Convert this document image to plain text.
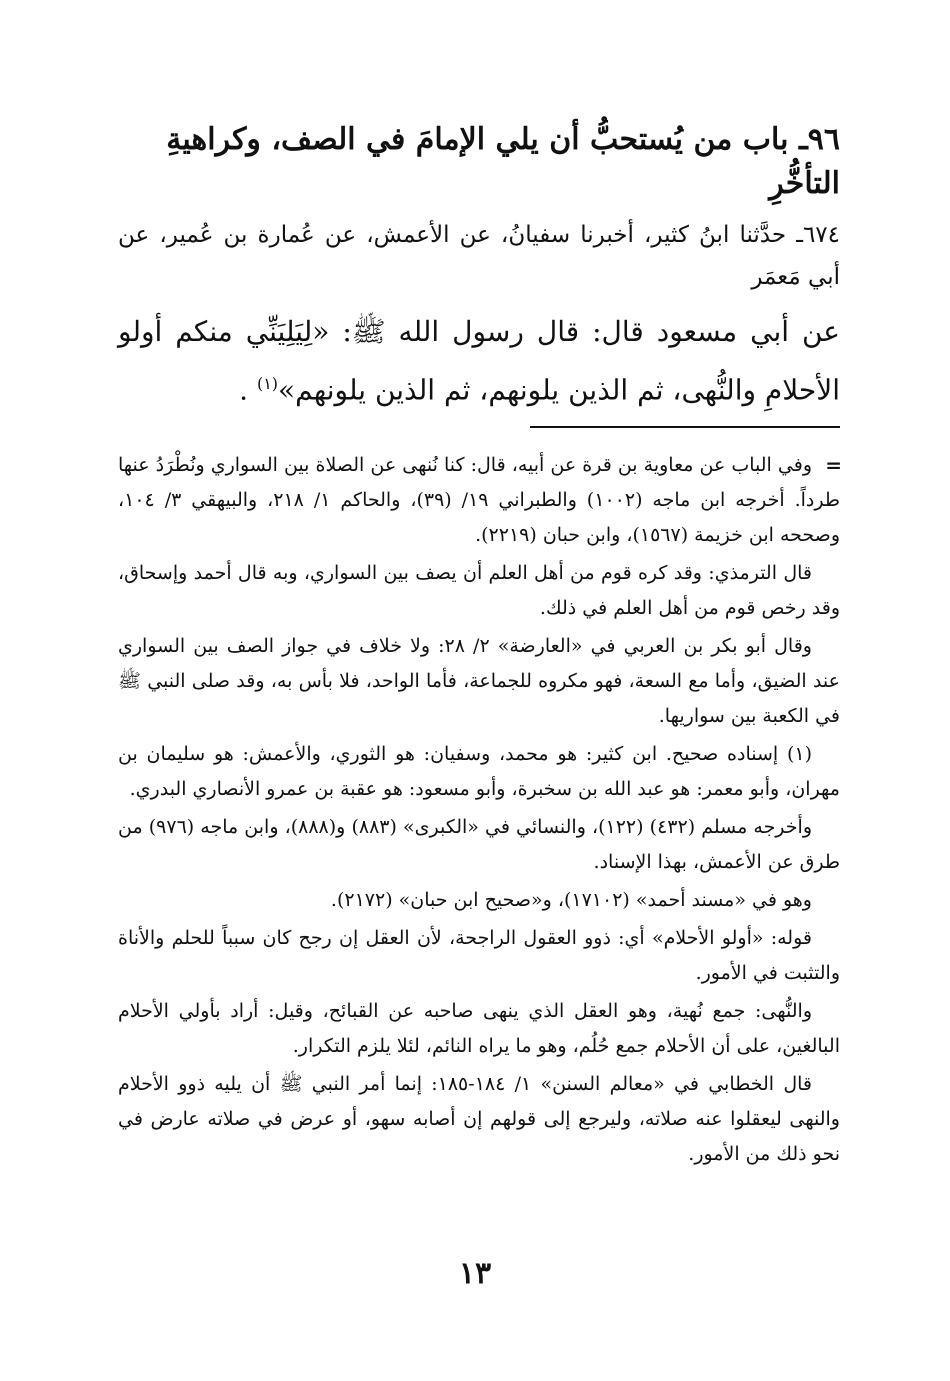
٩٦ـ باب من يُستحبُّ أن يلي الإمامَ في الصف، وكراهيةِ التأخُّرِ

٦٧٤ـ حدَّثنا ابنُ كثير، أخبرنا سفيانُ، عن الأعمش، عن عُمارة بن عُمير، عن أبي مَعمَر

عن أبي مسعود قال: قال رسول الله ﷺ: «لِيَلِيَنِّي منكم أولو الأحلامِ والنُّهى، ثم الذين يلونهم، ثم الذين يلونهم»$^{(١)}$ .

=
وفي الباب عن معاوية بن قرة عن أبيه، قال: كنا نُنهى عن الصلاة بين السواري ونُطْرَدُ عنها طرداً. أخرجه ابن ماجه (١٠٠٢) والطبراني ١٩/ (٣٩)، والحاكم ١/ ٢١٨، والبيهقي ٣/ ١٠٤، وصححه ابن خزيمة (١٥٦٧)، وابن حبان (٢٢١٩).

قال الترمذي: وقد كره قوم من أهل العلم أن يصف بين السواري، وبه قال أحمد وإسحاق، وقد رخص قوم من أهل العلم في ذلك.

وقال أبو بكر بن العربي في «العارضة» ٢/ ٢٨: ولا خلاف في جواز الصف بين السواري عند الضيق، وأما مع السعة، فهو مكروه للجماعة، فأما الواحد، فلا بأس به، وقد صلى النبي ﷺ في الكعبة بين سواريها.

(١) إسناده صحيح. ابن كثير: هو محمد، وسفيان: هو الثوري، والأعمش: هو سليمان بن مهران، وأبو معمر: هو عبد الله بن سخبرة، وأبو مسعود: هو عقبة بن عمرو الأنصاري البدري.

وأخرجه مسلم (٤٣٢) (١٢٢)، والنسائي في «الكبرى» (٨٨٣) و(٨٨٨)، وابن ماجه (٩٧٦) من طرق عن الأعمش، بهذا الإسناد.

وهو في «مسند أحمد» (١٧١٠٢)، و«صحيح ابن حبان» (٢١٧٢).

قوله: «أولو الأحلام» أي: ذوو العقول الراجحة، لأن العقل إن رجح كان سبباً للحلم والأناة والتثبت في الأمور.

والنُّهى: جمع نُهية، وهو العقل الذي ينهى صاحبه عن القبائح، وقيل: أراد بأولي الأحلام البالغين، على أن الأحلام جمع حُلُم، وهو ما يراه النائم، لئلا يلزم التكرار.

قال الخطابي في «معالم السنن» ١/ ١٨٤-١٨٥: إنما أمر النبي ﷺ أن يليه ذوو الأحلام والنهى ليعقلوا عنه صلاته، وليرجع إلى قولهم إن أصابه سهو، أو عرض في صلاته عارض في نحو ذلك من الأمور.

١٣
